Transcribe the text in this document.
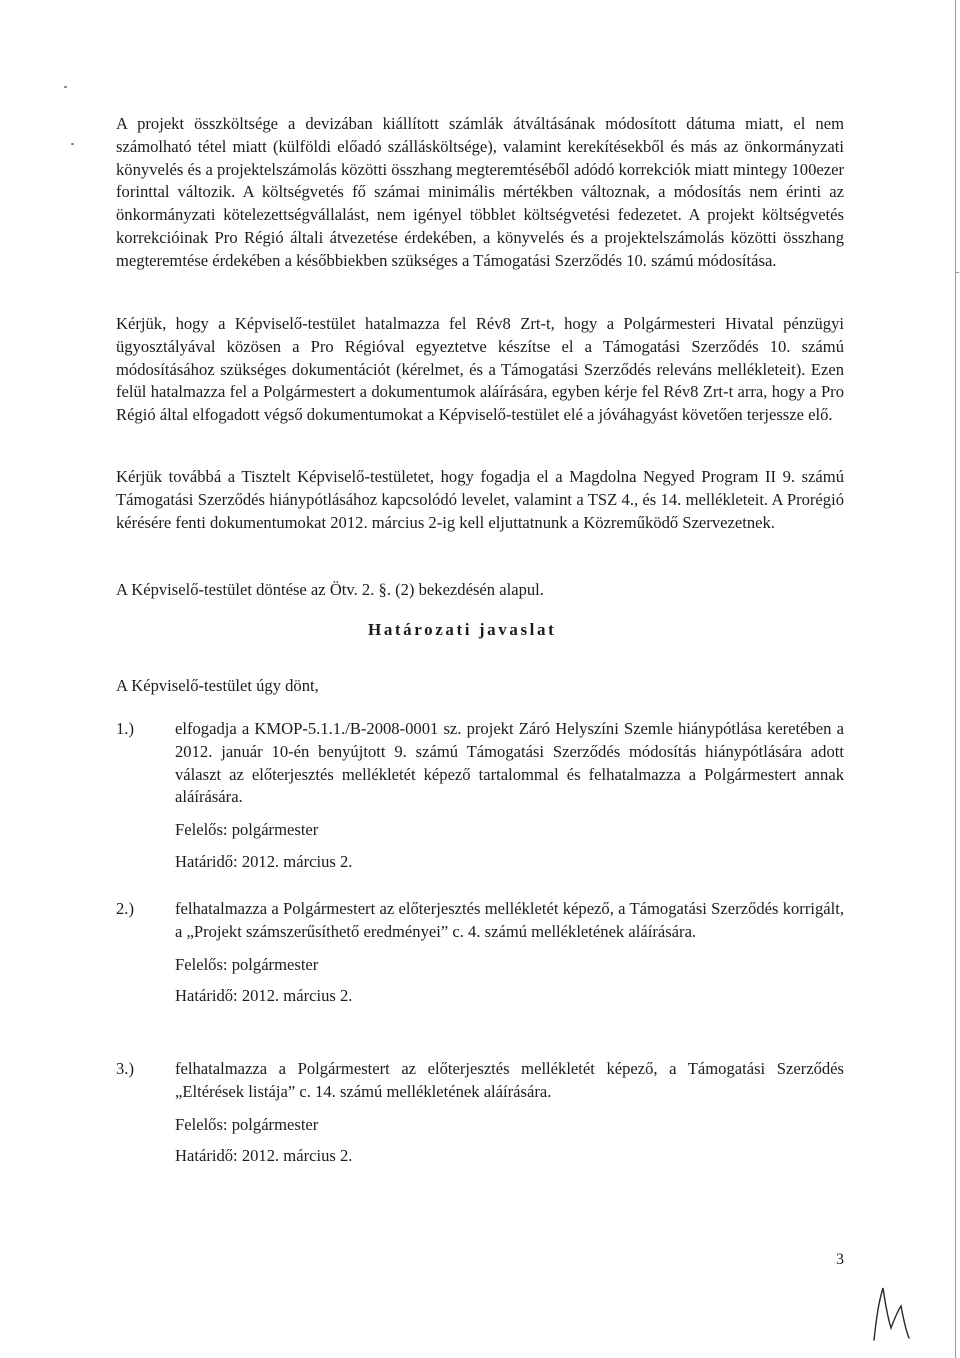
A projekt összköltsége a devizában kiállított számlák átváltásának módosított dátuma miatt, el nem számolható tétel miatt (külföldi előadó szállásköltsége), valamint kerekítésekből és más az önkormányzati könyvelés és a projektelszámolás közötti összhang megteremtéséből adódó korrekciók miatt mintegy 100ezer forinttal változik. A költségvetés fő számai minimális mértékben változnak, a módosítás nem érinti az önkormányzati kötelezettségvállalást, nem igényel többlet költségvetési fedezetet. A projekt költségvetés korrekcióinak Pro Régió általi átvezetése érdekében, a könyvelés és a projektelszámolás közötti összhang megteremtése érdekében a későbbiekben szükséges a Támogatási Szerződés 10. számú módosítása.

Kérjük, hogy a Képviselő-testület hatalmazza fel Rév8 Zrt-t, hogy a Polgármesteri Hivatal pénzügyi ügyosztályával közösen a Pro Régióval egyeztetve készítse el a Támogatási Szerződés 10. számú módosításához szükséges dokumentációt (kérelmet, és a Támogatási Szerződés releváns mellékleteit). Ezen felül hatalmazza fel a Polgármestert a dokumentumok aláírására, egyben kérje fel Rév8 Zrt-t arra, hogy a Pro Régió által elfogadott végső dokumentumokat a Képviselő-testület elé a jóváhagyást követően terjessze elő.

Kérjük továbbá a Tisztelt Képviselő-testületet, hogy fogadja el a Magdolna Negyed Program II 9. számú Támogatási Szerződés hiánypótlásához kapcsolódó levelet, valamint a TSZ 4., és 14. mellékleteit. A Prorégió kérésére fenti dokumentumokat 2012. március 2-ig kell eljuttatnunk a Közreműködő Szervezetnek.

A Képviselő-testület döntése az Ötv. 2. §. (2) bekezdésén alapul.

Határozati javaslat

A Képviselő-testület úgy dönt,

1.) elfogadja a KMOP-5.1.1./B-2008-0001 sz. projekt Záró Helyszíni Szemle hiánypótlása keretében a 2012. január 10-én benyújtott 9. számú Támogatási Szerződés módosítás hiánypótlására adott választ az előterjesztés mellékletét képező tartalommal és felhatalmazza a Polgármestert annak aláírására.

Felelős: polgármester
Határidő: 2012. március 2.
2.) felhatalmazza a Polgármestert az előterjesztés mellékletét képező, a Támogatási Szerződés korrigált, a „Projekt számszerűsíthető eredményei” c. 4. számú mellékletének aláírására.

Felelős: polgármester
Határidő: 2012. március 2.
3.) felhatalmazza a Polgármestert az előterjesztés mellékletét képező, a Támogatási Szerződés „Eltérések listája” c. 14. számú mellékletének aláírására.

Felelős: polgármester
Határidő: 2012. március 2.
3
